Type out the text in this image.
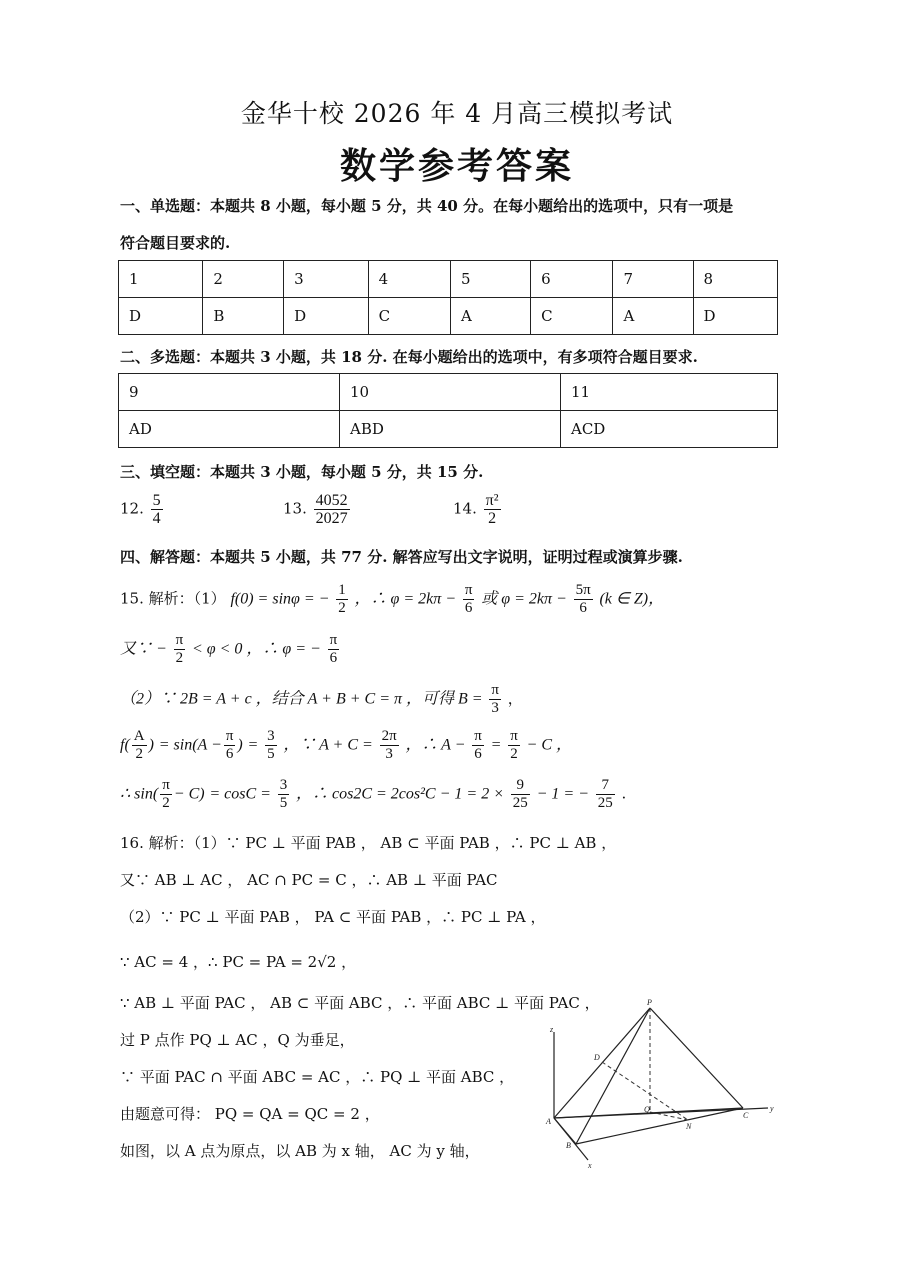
金华十校 2026 年 4 月高三模拟考试
数学参考答案
一、单选题：本题共 8 小题，每小题 5 分，共 40 分。在每小题给出的选项中，只有一项是
符合题目要求的.
1	2	3	4	5	6	7	8
D	B	D	C	A	C	A	D
二、多选题：本题共 3 小题，共 18 分. 在每小题给出的选项中，有多项符合题目要求.
9	10	11
AD	ABD	ACD
三、填空题：本题共 3 小题，每小题 5 分，共 15 分.
12. $\frac{5}{4}$	13. $\frac{4052}{2027}$	14. $\frac{\text{π²}}{2}$
四、解答题：本题共 5 小题，共 77 分. 解答应写出文字说明，证明过程或演算步骤.
15. 解析：（1） f(0) = sinφ = − $\frac{1}{2}$ ，∴ $\varphi = 2k\pi - \frac{\pi}{6}$ 或 $\varphi = 2k\pi - \frac{5\pi}{6} (k$ ∈ Z)，
又∵ − $\frac{\pi}{2} < \varphi < 0$ ，∴ φ = − $\frac{\pi}{6}$
（2）∵ 2B = A + c ，结合 A + B + C = π ，可得 $B = \frac{\pi}{3}$ ，
$f( \frac{A}{2}$ ) = $\sin(A - \frac{\pi}{6}$ ) = $\frac{3}{5}$ ，∵ $A + C = \frac{2\pi}{3}$ ，∴ $A - \frac{\pi}{6} = \frac{\pi}{2} - C$ ，
∴ $\sin( \frac{\pi}{2} - C) = \cos C = \frac{3}{5}$ ，∴ $\cos 2C = 2\cos^2C - 1 = 2 \times \frac{9}{25} - 1$ = − $\frac{7}{25}$ .
16. 解析：（1）∵ PC ⊥ 平面 PAB ， AB ⊂ 平面 PAB ，∴ PC ⊥ AB ，
又∵ AB ⊥ AC ， AC ∩ PC = C ，∴ AB ⊥ 平面 PAC
（2）∵ PC ⊥ 平面 PAB ， PA ⊂ 平面 PAB ，∴ PC ⊥ PA ，
∵ AC = 4 ，∴ PC = PA = 2√2 ，
∵ AB ⊥ 平面 PAC ， AB ⊂ 平面 ABC ，∴ 平面 ABC ⊥ 平面 PAC ，
过 P 点作 PQ ⊥ AC ，Q 为垂足，
∵ 平面 PAC ∩ 平面 ABC = AC ，∴ PQ ⊥ 平面 ABC ，
由题意可得： PQ = QA = QC = 2 ，
如图，以 A 点为原点，以 AB 为 x 轴， AC 为 y 轴，
P
z
D
A
Q
N
C
y
B
x
